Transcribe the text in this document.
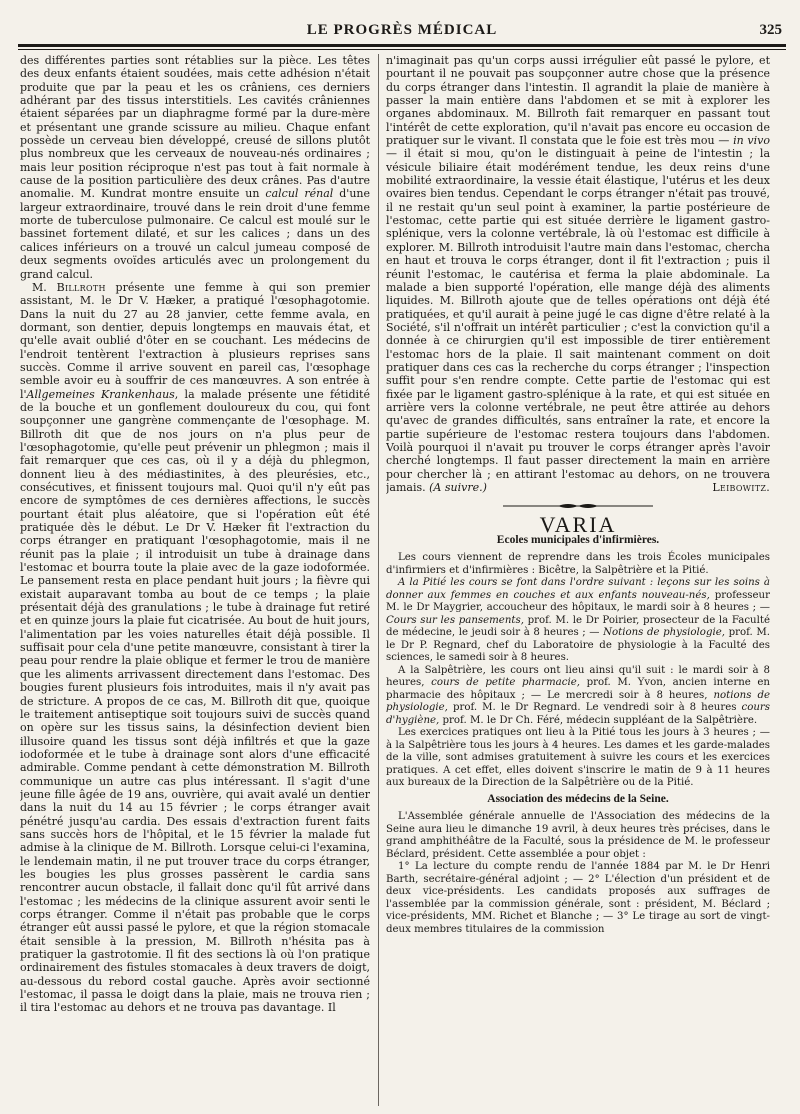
LE PROGRÈS MÉDICAL	325

des différentes parties sont rétablies sur la pièce. Les têtes des deux enfants étaient soudées, mais cette adhésion n'était produite que par la peau et les os crâniens, ces derniers adhérant par des tissus interstitiels. Les cavités crâniennes étaient séparées par un diaphragme formé par la dure-mère et présentant une grande scissure au milieu. Chaque enfant possède un cerveau bien développé, creusé de sillons plutôt plus nombreux que les cerveaux de nouveau-nés ordinaires ; mais leur position réciproque n'est pas tout à fait normale à cause de la position particulière des deux crânes. Pas d'autre anomalie. M. Kundrat montre ensuite un calcul rénal d'une largeur extraordinaire, trouvé dans le rein droit d'une femme morte de tuberculose pulmonaire. Ce calcul est moulé sur le bassinet fortement dilaté, et sur les calices ; dans un des calices inférieurs on a trouvé un calcul jumeau composé de deux segments ovoïdes articulés avec un prolongement du grand calcul.

M. Billroth présente une femme à qui son premier assistant, M. le Dr V. Hæker, a pratiqué l'œsophagotomie. Dans la nuit du 27 au 28 janvier, cette femme avala, en dormant, son dentier, depuis longtemps en mauvais état, et qu'elle avait oublié d'ôter en se couchant. Les médecins de l'endroit tentèrent l'extraction à plusieurs reprises sans succès. Comme il arrive souvent en pareil cas, l'œsophage semble avoir eu à souffrir de ces manœuvres. A son entrée à l'Allgemeines Krankenhaus, la malade présente une fétidité de la bouche et un gonflement douloureux du cou, qui font soupçonner une gangrène commençante de l'œsophage. M. Billroth dit que de nos jours on n'a plus peur de l'œsophagotomie, qu'elle peut prévenir un phlegmon ; mais il fait remarquer que ces cas, où il y a déjà du phlegmon, donnent lieu à des médiastinites, à des pleurésies, etc., consécutives, et finissent toujours mal. Quoi qu'il n'y eût pas encore de symptômes de ces dernières affections, le succès pourtant était plus aléatoire, que si l'opération eût été pratiquée dès le début. Le Dr V. Hæker fit l'extraction du corps étranger en pratiquant l'œsophagotomie, mais il ne réunit pas la plaie ; il introduisit un tube à drainage dans l'estomac et bourra toute la plaie avec de la gaze iodoformée. Le pansement resta en place pendant huit jours ; la fièvre qui existait auparavant tomba au bout de ce temps ; la plaie présentait déjà des granulations ; le tube à drainage fut retiré et en quinze jours la plaie fut cicatrisée. Au bout de huit jours, l'alimentation par les voies naturelles était déjà possible. Il suffisait pour cela d'une petite manœuvre, consistant à tirer la peau pour rendre la plaie oblique et fermer le trou de manière que les aliments arrivassent directement dans l'estomac. Des bougies furent plusieurs fois introduites, mais il n'y avait pas de stricture. A propos de ce cas, M. Billroth dit que, quoique le traitement antiseptique soit toujours suivi de succès quand on opère sur les tissus sains, la désinfection devient bien illusoire quand les tissus sont déjà infiltrés et que la gaze iodoformée et le tube à drainage sont alors d'une efficacité admirable. Comme pendant à cette démonstration M. Billroth communique un autre cas plus intéressant. Il s'agit d'une jeune fille âgée de 19 ans, ouvrière, qui avait avalé un dentier dans la nuit du 14 au 15 février ; le corps étranger avait pénétré jusqu'au cardia. Des essais d'extraction furent faits sans succès hors de l'hôpital, et le 15 février la malade fut admise à la clinique de M. Billroth. Lorsque celui-ci l'examina, le lendemain matin, il ne put trouver trace du corps étranger, les bougies les plus grosses passèrent le cardia sans rencontrer aucun obstacle, il fallait donc qu'il fût arrivé dans l'estomac ; les médecins de la clinique assurent avoir senti le corps étranger. Comme il n'était pas probable que le corps étranger eût aussi passé le pylore, et que la région stomacale était sensible à la pression, M. Billroth n'hésita pas à pratiquer la gastrotomie. Il fit des sections là où l'on pratique ordinairement des fistules stomacales à deux travers de doigt, au-dessous du rebord costal gauche. Après avoir sectionné l'estomac, il passa le doigt dans la plaie, mais ne trouva rien ; il tira l'estomac au dehors et ne trouva pas davantage. Il

n'imaginait pas qu'un corps aussi irrégulier eût passé le pylore, et pourtant il ne pouvait pas soupçonner autre chose que la présence du corps étranger dans l'intestin. Il agrandit la plaie de manière à passer la main entière dans l'abdomen et se mit à explorer les organes abdominaux. M. Billroth fait remarquer en passant tout l'intérêt de cette exploration, qu'il n'avait pas encore eu occasion de pratiquer sur le vivant. Il constata que le foie est très mou — in vivo — il était si mou, qu'on le distinguait à peine de l'intestin ; la vésicule biliaire était modérément tendue, les deux reins d'une mobilité extraordinaire, la vessie était élastique, l'utérus et les deux ovaires bien tendus. Cependant le corps étranger n'était pas trouvé, il ne restait qu'un seul point à examiner, la partie postérieure de l'estomac, cette partie qui est située derrière le ligament gastro-splénique, vers la colonne vertébrale, là où l'estomac est difficile à explorer. M. Billroth introduisit l'autre main dans l'estomac, chercha en haut et trouva le corps étranger, dont il fit l'extraction ; puis il réunit l'estomac, le cautérisa et ferma la plaie abdominale. La malade a bien supporté l'opération, elle mange déjà des aliments liquides. M. Billroth ajoute que de telles opérations ont déjà été pratiquées, et qu'il aurait à peine jugé le cas digne d'être relaté à la Société, s'il n'offrait un intérêt particulier ; c'est la conviction qu'il a donnée à ce chirurgien qu'il est impossible de tirer entièrement l'estomac hors de la plaie. Il sait maintenant comment on doit pratiquer dans ces cas la recherche du corps étranger ; l'inspection suffit pour s'en rendre compte. Cette partie de l'estomac qui est fixée par le ligament gastro-splénique à la rate, et qui est située en arrière vers la colonne vertébrale, ne peut être attirée au dehors qu'avec de grandes difficultés, sans entraîner la rate, et encore la partie supérieure de l'estomac restera toujours dans l'abdomen. Voilà pourquoi il n'avait pu trouver le corps étranger après l'avoir cherché longtemps. Il faut passer directement la main en arrière pour chercher là ; en attirant l'estomac au dehors, on ne trouvera jamais. (A suivre.)	Leibowitz.

VARIA
Ecoles municipales d'infirmières.

Les cours viennent de reprendre dans les trois Écoles municipales d'infirmiers et d'infirmières : Bicêtre, la Salpêtrière et la Pitié.

A la Pitié les cours se font dans l'ordre suivant : leçons sur les soins à donner aux femmes en couches et aux enfants nouveau-nés, professeur M. le Dr Maygrier, accoucheur des hôpitaux, le mardi soir à 8 heures ; — Cours sur les pansements, prof. M. le Dr Poirier, prosecteur de la Faculté de médecine, le jeudi soir à 8 heures ; — Notions de physiologie, prof. M. le Dr P. Regnard, chef du Laboratoire de physiologie à la Faculté des sciences, le samedi soir à 8 heures.

A la Salpêtrière, les cours ont lieu ainsi qu'il suit : le mardi soir à 8 heures, cours de petite pharmacie, prof. M. Yvon, ancien interne en pharmacie des hôpitaux ; — Le mercredi soir à 8 heures, notions de physiologie, prof. M. le Dr Regnard. Le vendredi soir à 8 heures cours d'hygiène, prof. M. le Dr Ch. Féré, médecin suppléant de la Salpêtrière.

Les exercices pratiques ont lieu à la Pitié tous les jours à 3 heures ; — à la Salpêtrière tous les jours à 4 heures. Les dames et les garde-malades de la ville, sont admises gratuitement à suivre les cours et les exercices pratiques. A cet effet, elles doivent s'inscrire le matin de 9 à 11 heures aux bureaux de la Direction de la Salpêtrière ou de la Pitié.

Association des médecins de la Seine.

L'Assemblée générale annuelle de l'Association des médecins de la Seine aura lieu le dimanche 19 avril, à deux heures très précises, dans le grand amphithéâtre de la Faculté, sous la présidence de M. le professeur Béclard, président. Cette assemblée a pour objet :

1° La lecture du compte rendu de l'année 1884 par M. le Dr Henri Barth, secrétaire-général adjoint ; — 2° L'élection d'un président et de deux vice-présidents. Les candidats proposés aux suffrages de l'assemblée par la commission générale, sont : président, M. Béclard ; vice-présidents, MM. Richet et Blanche ; — 3° Le tirage au sort de vingt-deux membres titulaires de la commission
